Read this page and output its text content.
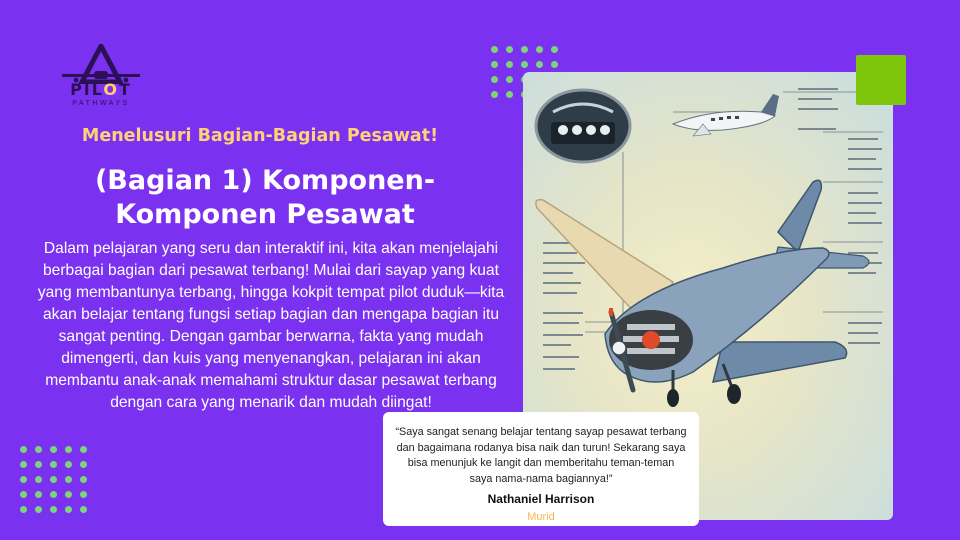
PILOT
PATHWAYS
Menelusuri Bagian-Bagian Pesawat!
(Bagian 1) Komponen-Komponen Pesawat
Dalam pelajaran yang seru dan interaktif ini, kita akan menjelajahi berbagai bagian dari pesawat terbang! Mulai dari sayap yang kuat yang membantunya terbang, hingga kokpit tempat pilot duduk—kita akan belajar tentang fungsi setiap bagian dan mengapa bagian itu sangat penting. Dengan gambar berwarna, fakta yang mudah dimengerti, dan kuis yang menyenangkan, pelajaran ini akan membantu anak-anak memahami struktur dasar pesawat terbang dengan cara yang menarik dan mudah diingat!
“Saya sangat senang belajar tentang sayap pesawat terbang dan bagaimana rodanya bisa naik dan turun! Sekarang saya bisa menunjuk ke langit dan memberitahu teman-teman saya nama-nama bagiannya!”
Nathaniel Harrison
Murid
